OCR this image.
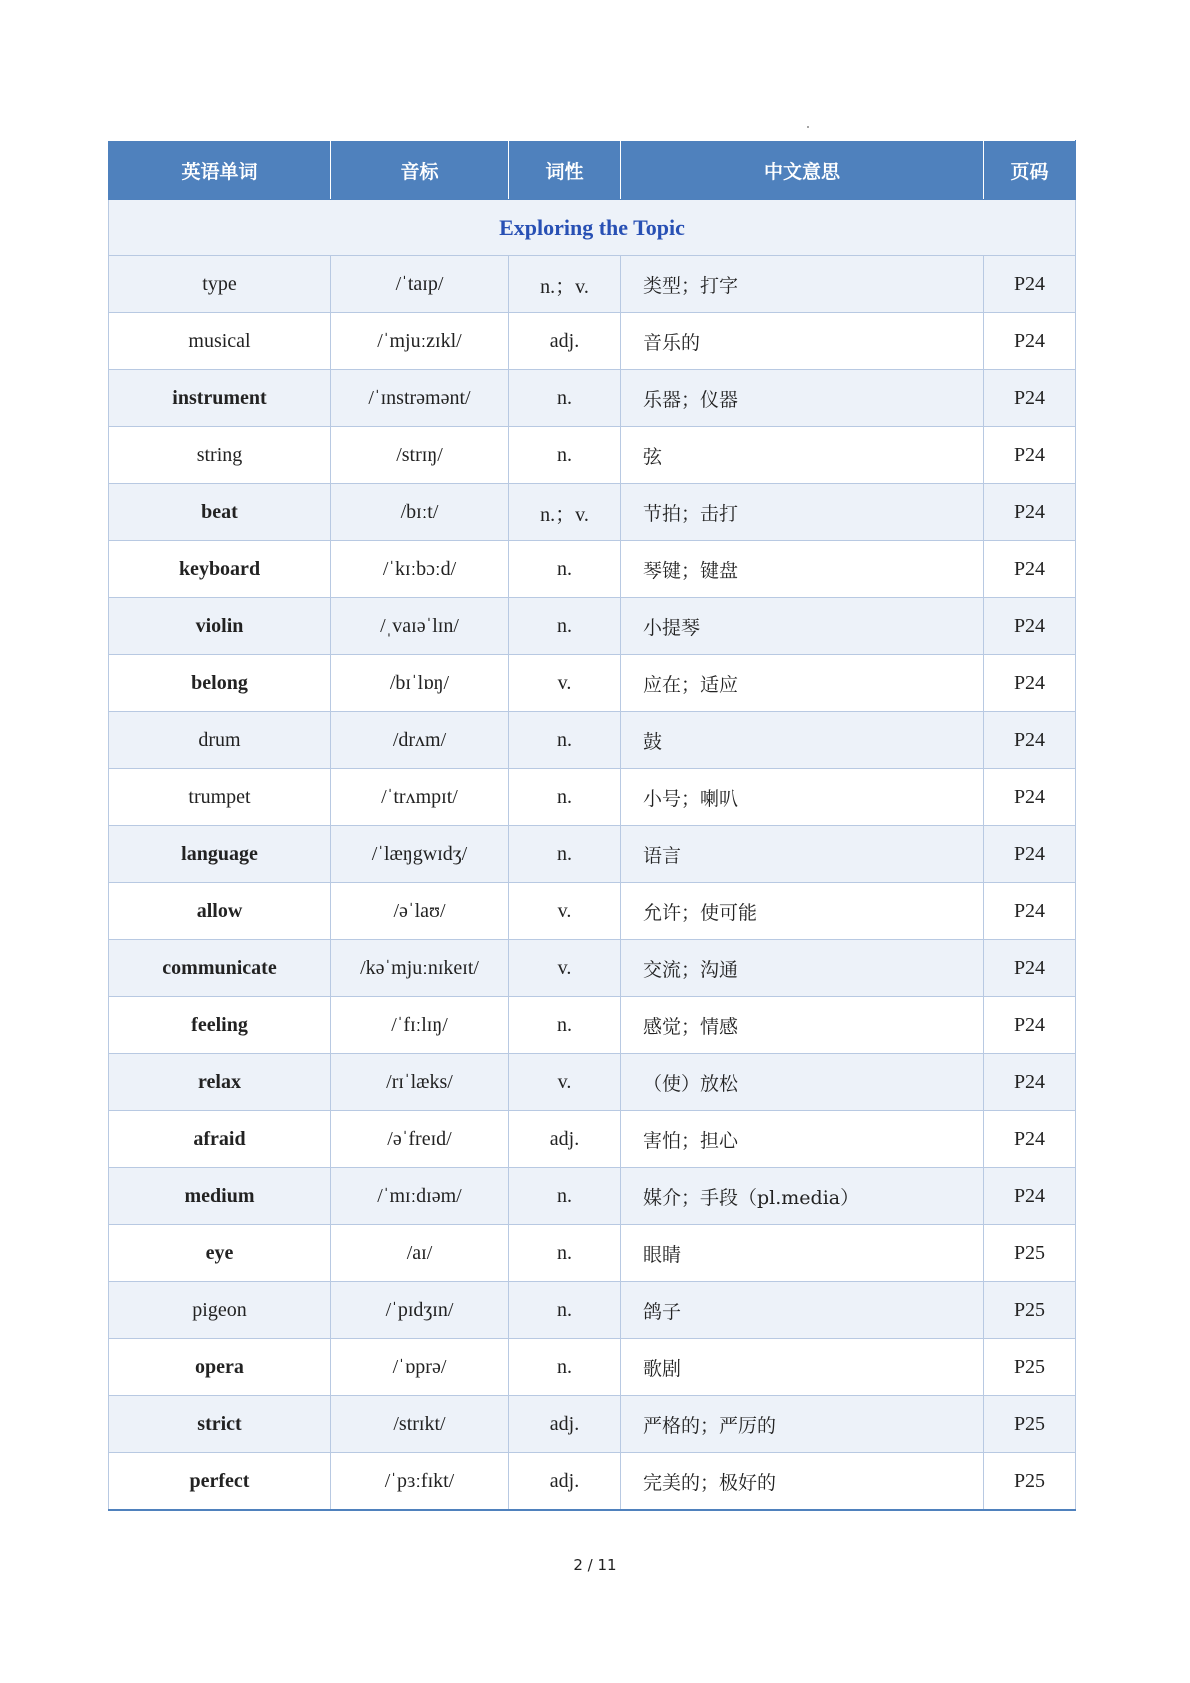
英语单词	音标	词性	中文意思	页码
Exploring the Topic				
type	/ˈtaɪp/	n.；v.	类型；打字	P24
musical	/ˈmjuːzɪkl/	adj.	音乐的	P24
instrument	/ˈɪnstrəmənt/	n.	乐器；仪器	P24
string	/strɪŋ/	n.	弦	P24
beat	/bɪːt/	n.；v.	节拍；击打	P24
keyboard	/ˈkɪːbɔːd/	n.	琴键；键盘	P24
violin	/ˌvaɪəˈlɪn/	n.	小提琴	P24
belong	/bɪˈlɒŋ/	v.	应在；适应	P24
drum	/drʌm/	n.	鼓	P24
trumpet	/ˈtrʌmpɪt/	n.	小号；喇叭	P24
language	/ˈlæŋgwɪdʒ/	n.	语言	P24
allow	/əˈlaʊ/	v.	允许；使可能	P24
communicate	/kəˈmjuːnɪkeɪt/	v.	交流；沟通	P24
feeling	/ˈfɪːlɪŋ/	n.	感觉；情感	P24
relax	/rɪˈlæks/	v.	（使）放松	P24
afraid	/əˈfreɪd/	adj.	害怕；担心	P24
medium	/ˈmɪːdɪəm/	n.	媒介；手段（pl.media）	P24
eye	/aɪ/	n.	眼睛	P25
pigeon	/ˈpɪdʒɪn/	n.	鸽子	P25
opera	/ˈɒprə/	n.	歌剧	P25
strict	/strɪkt/	adj.	严格的；严厉的	P25
perfect	/ˈpɜːfɪkt/	adj.	完美的；极好的	P25
2 / 11
